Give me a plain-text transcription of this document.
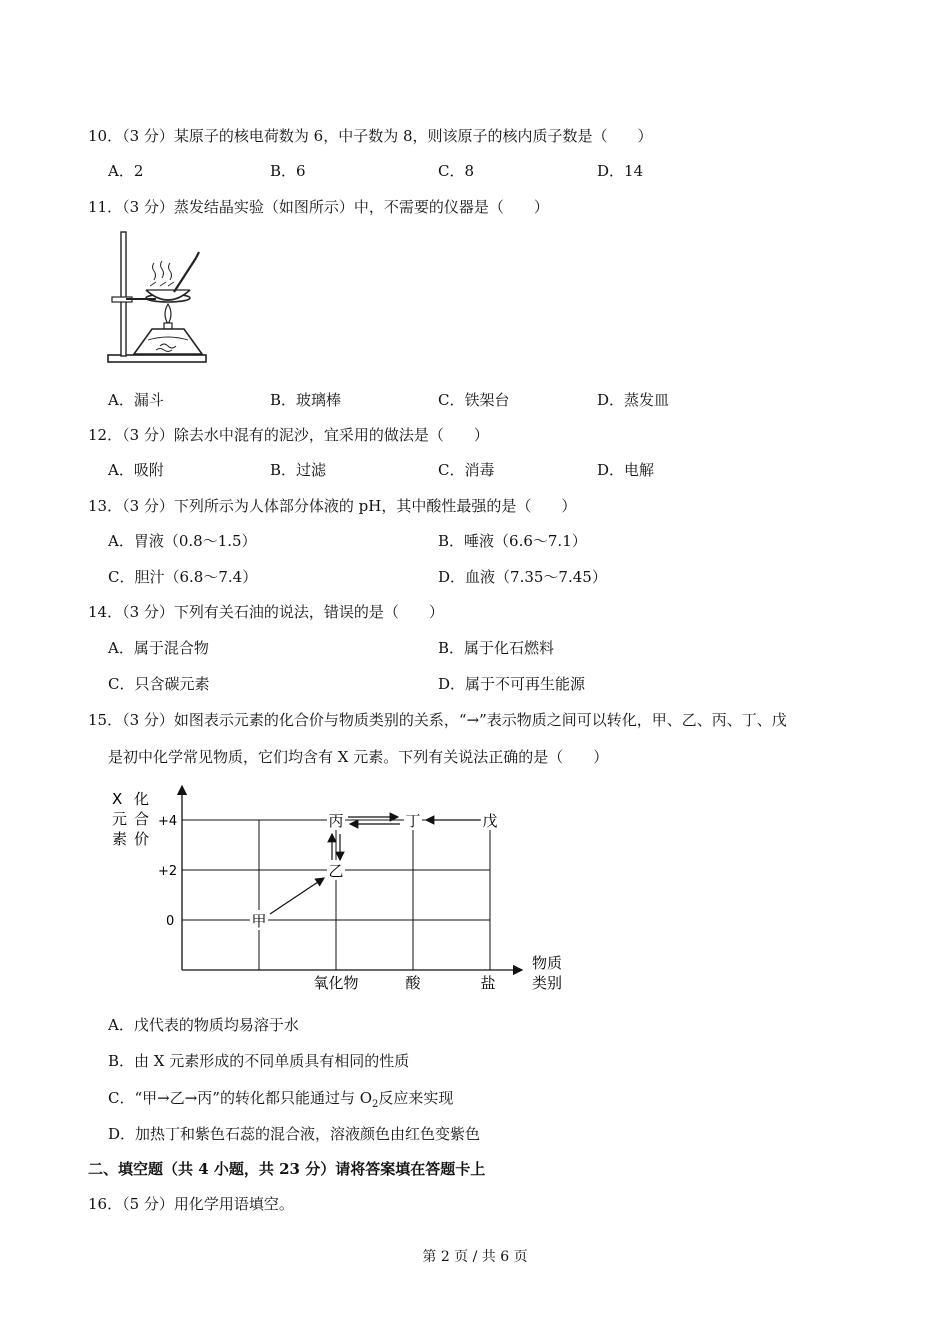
10．（3 分）某原子的核电荷数为 6，中子数为 8，则该原子的核内质子数是（　　）
A．2	B．6	C．8	D．14
11．（3 分）蒸发结晶实验（如图所示）中，不需要的仪器是（　　）
A．漏斗	B．玻璃棒	C．铁架台	D．蒸发皿
12．（3 分）除去水中混有的泥沙，宜采用的做法是（　　）
A．吸附	B．过滤	C．消毒	D．电解
13．（3 分）下列所示为人体部分体液的 pH，其中酸性最强的是（　　）
A．胃液（0.8～1.5）	B．唾液（6.6～7.1）
C．胆汁（6.8～7.4）	D．血液（7.35～7.45）
14．（3 分）下列有关石油的说法，错误的是（　　）
A．属于混合物	B．属于化石燃料
C．只含碳元素	D．属于不可再生能源
15．（3 分）如图表示元素的化合价与物质类别的关系，“→”表示物质之间可以转化，甲、乙、丙、丁、戊
是初中化学常见物质，它们均含有 X 元素。下列有关说法正确的是（　　）
X 化
元 合
素 价
+4
+2
0
氧化物	酸	盐
物质
类别
甲
乙
丙	丁	戊
A．戊代表的物质均易溶于水
B．由 X 元素形成的不同单质具有相同的性质
C．“甲→乙→丙”的转化都只能通过与 $O_2$反应来实现
D．加热丁和紫色石蕊的混合液，溶液颜色由红色变紫色
二、填空题（共 4 小题，共 23 分）请将答案填在答题卡上
16．（5 分）用化学用语填空。
第 2 页 / 共 6 页
